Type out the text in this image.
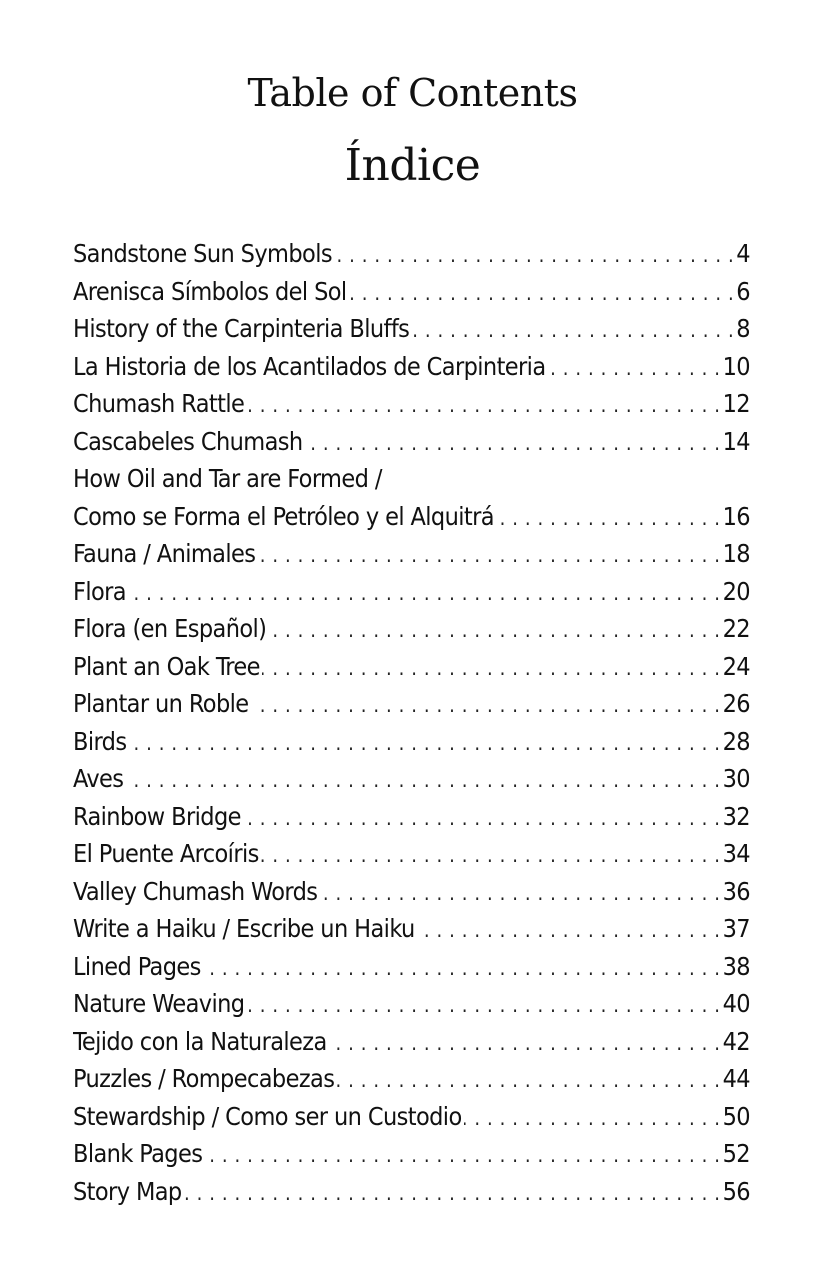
Table of Contents
Índice
Sandstone Sun Symbols . . .	4
Arenisca Símbolos del Sol . . .	6
History of the Carpinteria Bluffs . . .	8
La Historia de los Acantilados de Carpinteria . . .	10
Chumash Rattle . . .	12
Cascabeles Chumash . . .	14
How Oil and Tar are Formed /
Como se Forma el Petróleo y el Alquitrá . . .	16
Fauna / Animales . . .	18
Flora . . .	20
Flora (en Español) . . .	22
Plant an Oak Tree . . .	24
Plantar un Roble . . .	26
Birds . . .	28
Aves . . .	30
Rainbow Bridge . . .	32
El Puente Arcoíris . . .	34
Valley Chumash Words . . .	36
Write a Haiku / Escribe un Haiku . . .	37
Lined Pages . . .	38
Nature Weaving . . .	40
Tejido con la Naturaleza . . .	42
Puzzles / Rompecabezas . . .	44
Stewardship / Como ser un Custodio . . .	50
Blank Pages . . .	52
Story Map . . .	56
